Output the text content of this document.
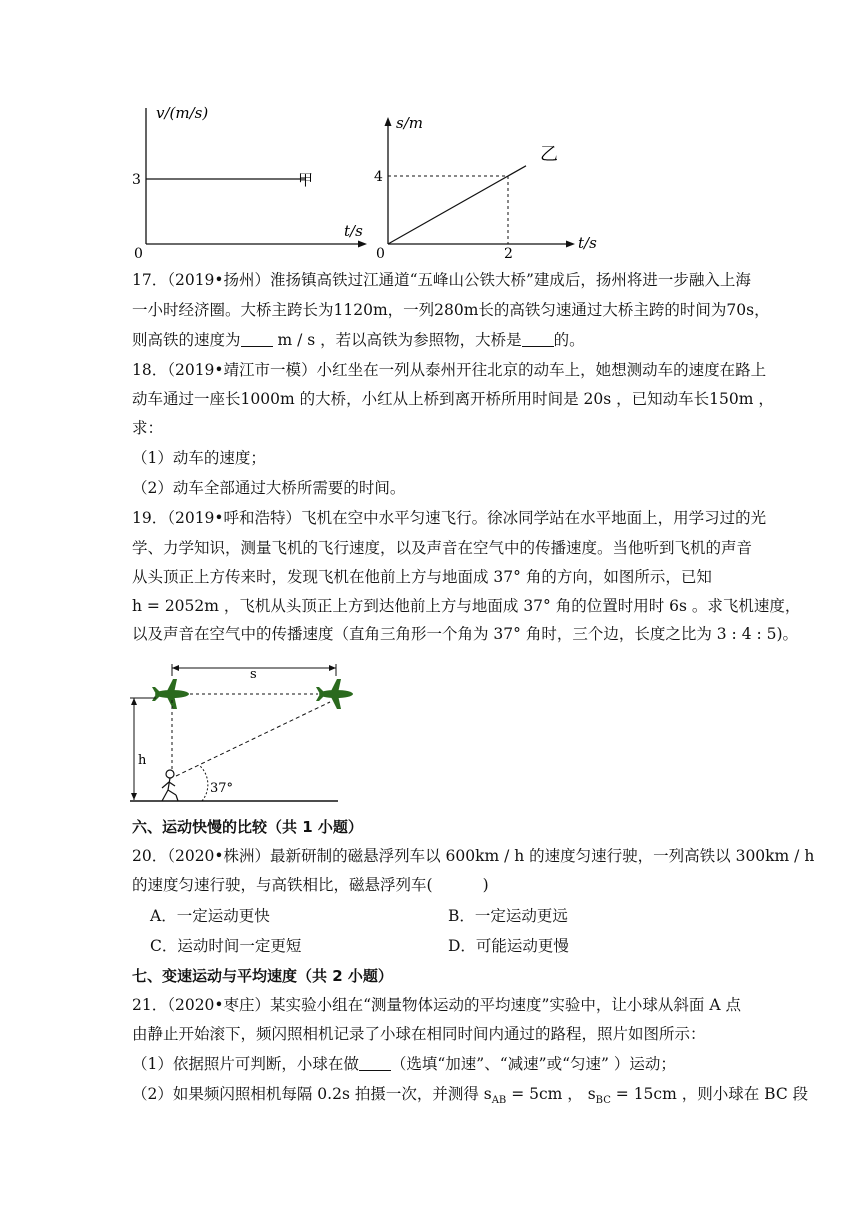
v/(m/s)
t/s
0
3	甲
s/m
t/s
0
4
2
乙
17．（2019•扬州）淮扬镇高铁过江通道“五峰山公铁大桥”建成后，扬州将进一步融入上海
一小时经济圈。大桥主跨长为1120m，一列280m长的高铁匀速通过大桥主跨的时间为70s，
则高铁的速度为 m / s ，若以高铁为参照物，大桥是 的。
18．（2019•靖江市一模）小红坐在一列从泰州开往北京的动车上，她想测动车的速度在路上
动车通过一座长1000m 的大桥，小红从上桥到离开桥所用时间是 20s ，已知动车长150m ，
求：
（1）动车的速度；
（2）动车全部通过大桥所需要的时间。
19．（2019•呼和浩特）飞机在空中水平匀速飞行。徐冰同学站在水平地面上，用学习过的光
学、力学知识，测量飞机的飞行速度，以及声音在空气中的传播速度。当他听到飞机的声音
从头顶正上方传来时，发现飞机在他前上方与地面成 37° 角的方向，如图所示，已知
h = 2052m ，飞机从头顶正上方到达他前上方与地面成 37° 角的位置时用时 6s 。求飞机速度，
以及声音在空气中的传播速度（直角三角形一个角为 37° 角时，三个边，长度之比为 3 : 4 : 5)。
s
h
37°
六、运动快慢的比较（共 1 小题）
20．（2020•株洲）最新研制的磁悬浮列车以 600km / h 的速度匀速行驶，一列高铁以 300km / h
的速度匀速行驶，与高铁相比，磁悬浮列车(	)
A．一定运动更快	B．一定运动更远
C．运动时间一定更短	D．可能运动更慢
七、变速运动与平均速度（共 2 小题）
21．（2020•枣庄）某实验小组在“测量物体运动的平均速度”实验中，让小球从斜面 A 点
由静止开始滚下，频闪照相机记录了小球在相同时间内通过的路程，照片如图所示：
（1）依据照片可判断，小球在做 （选填“加速”、“减速”或“匀速” ）运动；
（2）如果频闪照相机每隔 0.2s 拍摄一次，并测得 $s_{AB} = 5cm$ ， $s_{BC} = 15cm$ ，则小球在 BC 段
